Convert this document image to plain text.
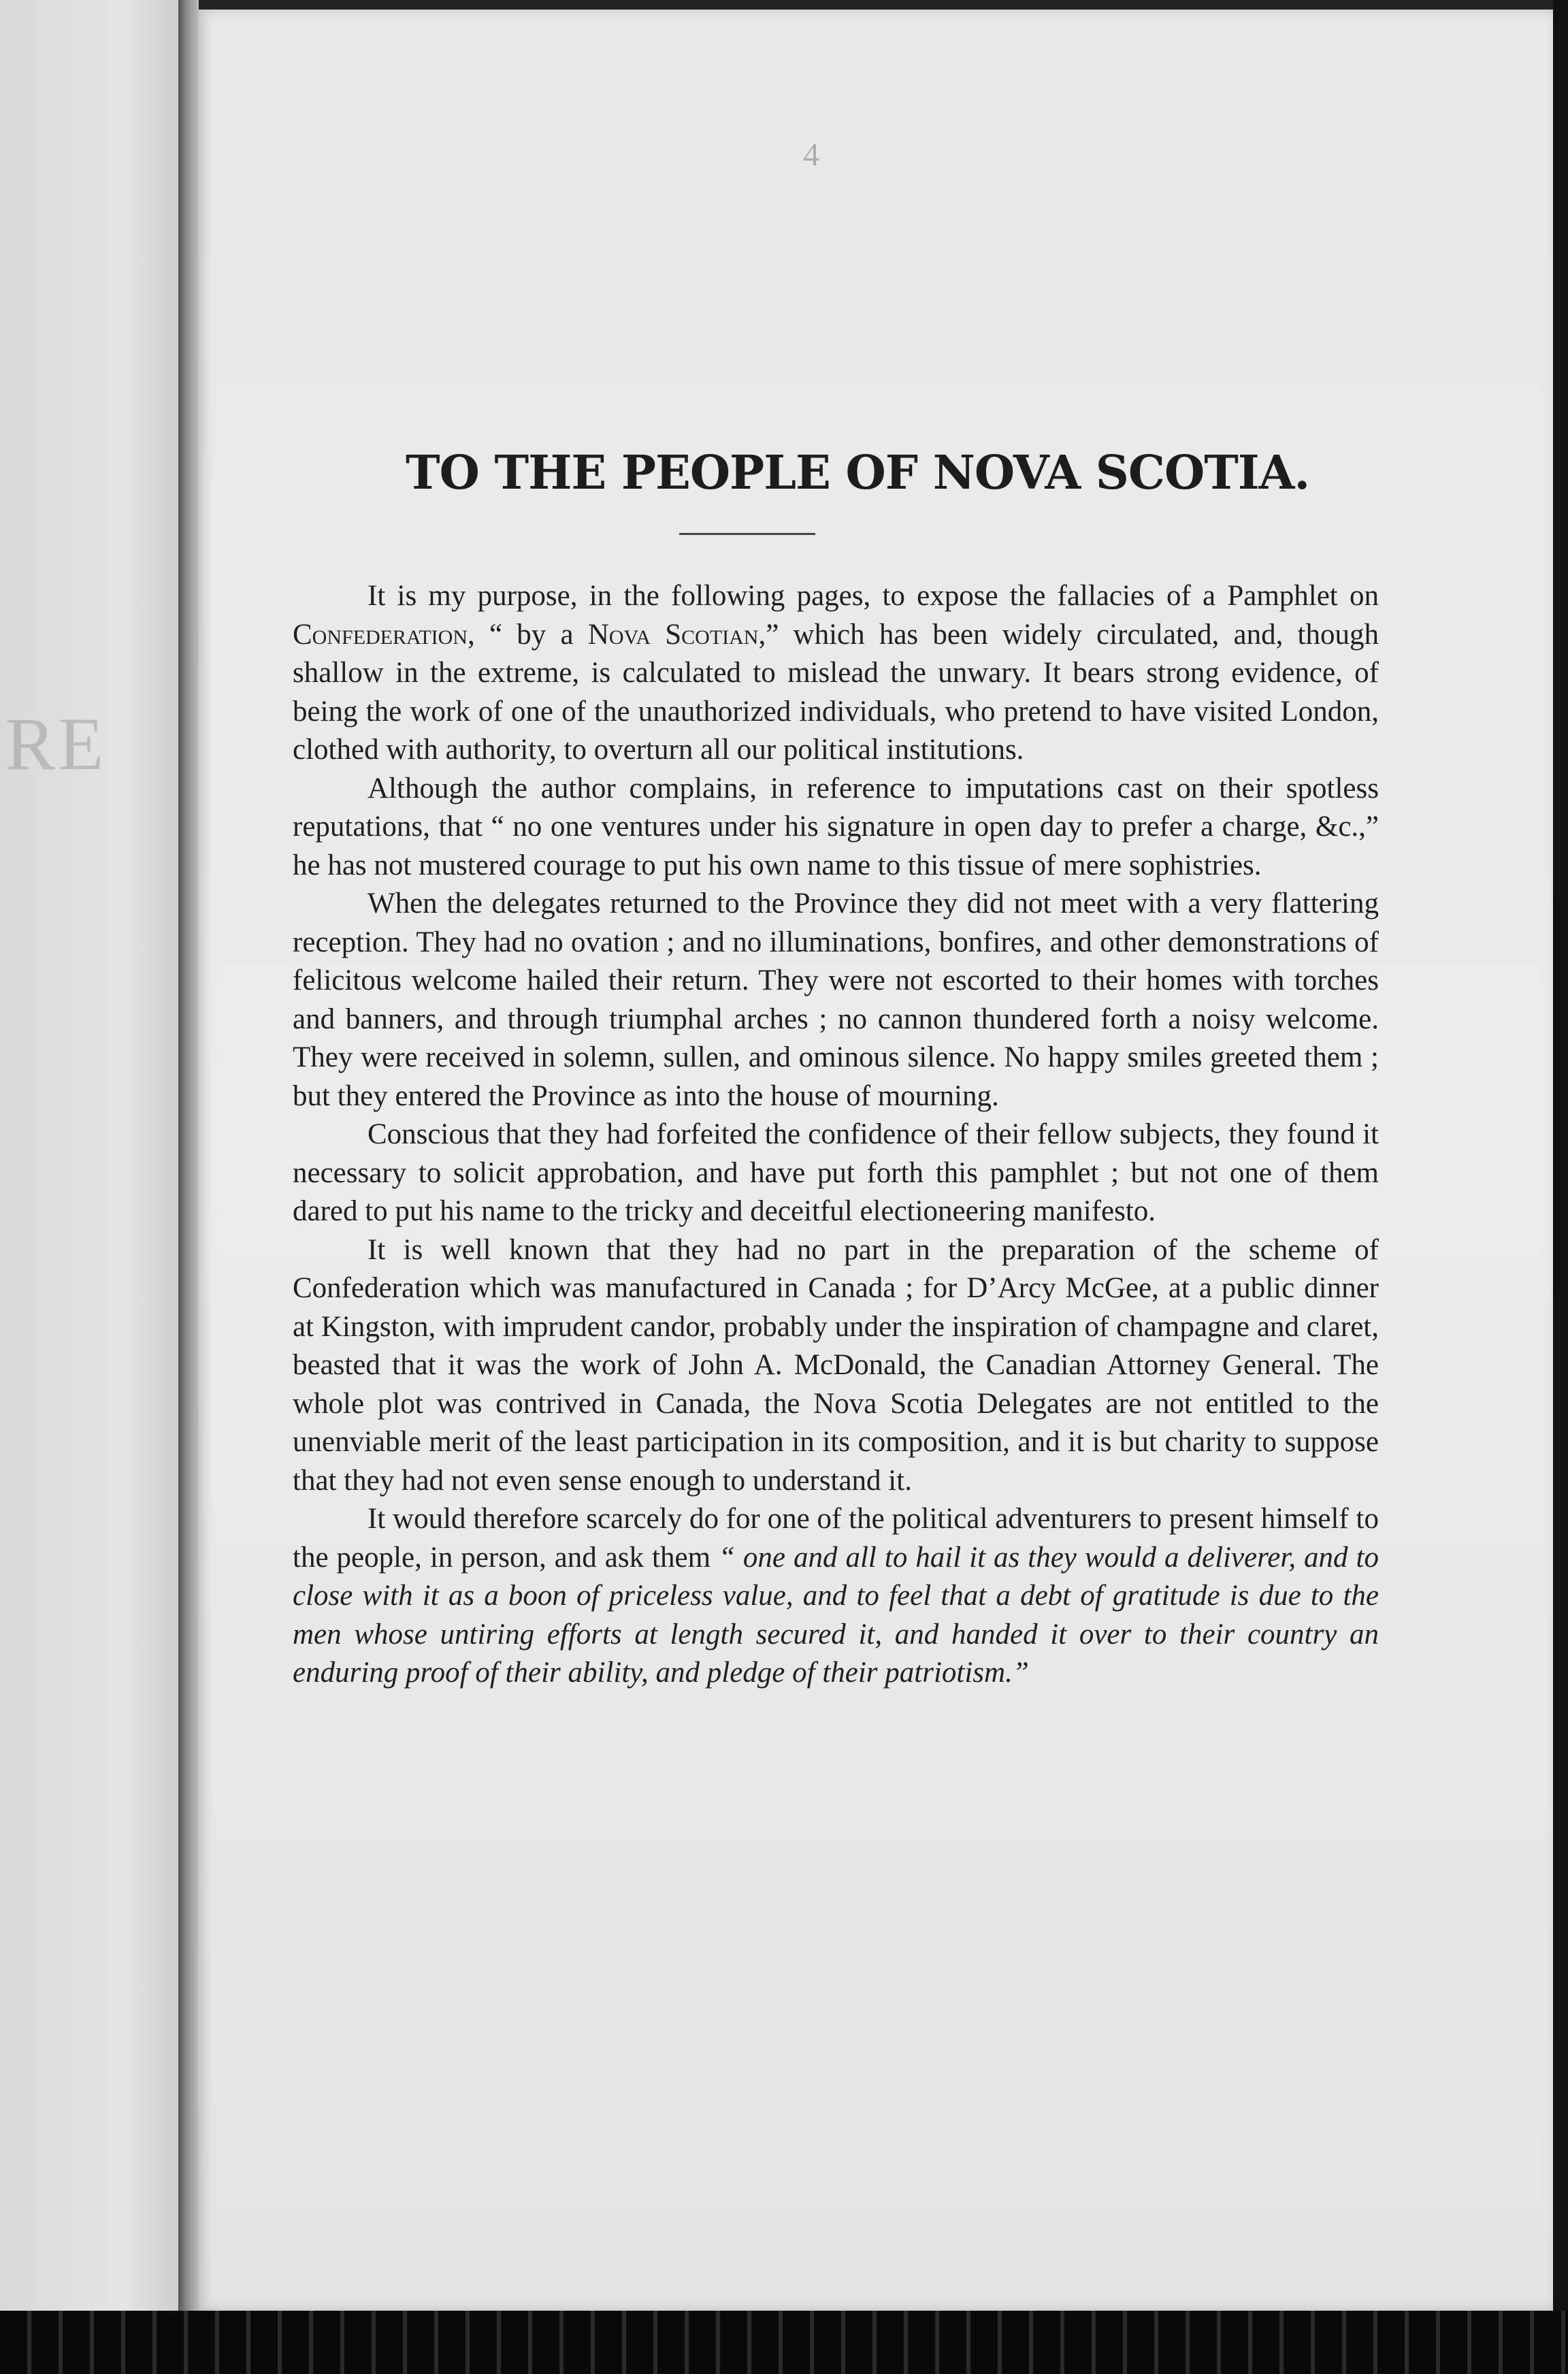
RE
4
TO THE PEOPLE OF NOVA SCOTIA.

It is my purpose, in the following pages, to expose the fallacies of a Pamphlet on Confederation, “ by a Nova Scotian,” which has been widely circulated, and, though shallow in the extreme, is calculated to mislead the unwary. It bears strong evidence, of being the work of one of the unauthorized individuals, who pretend to have visited London, clothed with authority, to overturn all our political institutions.

Although the author complains, in reference to imputations cast on their spotless reputations, that “ no one ventures under his signature in open day to prefer a charge, &c.,” he has not mustered courage to put his own name to this tissue of mere sophistries.

When the delegates returned to the Province they did not meet with a very flattering reception. They had no ovation ; and no illuminations, bonfires, and other demonstrations of felicitous welcome hailed their return. They were not escorted to their homes with torches and banners, and through triumphal arches ; no cannon thundered forth a noisy welcome. They were received in solemn, sullen, and ominous silence. No happy smiles greeted them ; but they entered the Province as into the house of mourning.

Conscious that they had forfeited the confidence of their fellow subjects, they found it necessary to solicit approbation, and have put forth this pamphlet ; but not one of them dared to put his name to the tricky and deceitful electioneering manifesto.

It is well known that they had no part in the preparation of the scheme of Confederation which was manufactured in Canada ; for D’Arcy McGee, at a public dinner at Kingston, with imprudent candor, probably under the inspiration of champagne and claret, beasted that it was the work of John A. McDonald, the Canadian Attorney General. The whole plot was contrived in Canada, the Nova Scotia Delegates are not entitled to the unenviable merit of the least participation in its composition, and it is but charity to suppose that they had not even sense enough to understand it.

It would therefore scarcely do for one of the political adventurers to present himself to the people, in person, and ask them “ one and all to hail it as they would a deliverer, and to close with it as a boon of priceless value, and to feel that a debt of gratitude is due to the men whose untiring efforts at length secured it, and handed it over to their country an enduring proof of their ability, and pledge of their patriotism.”
